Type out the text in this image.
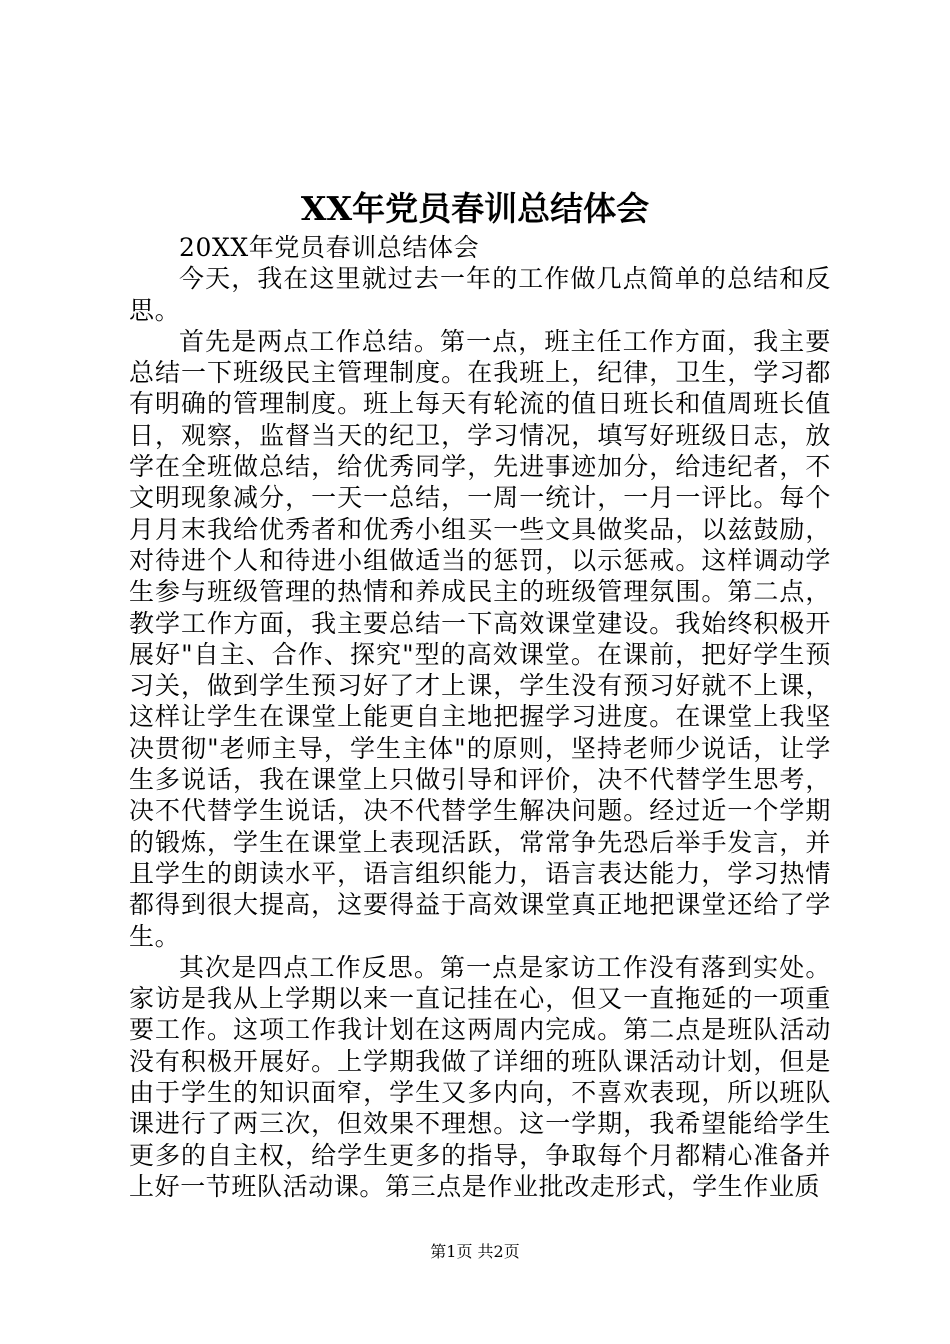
XX年党员春训总结体会

20XX年党员春训总结体会

今天，我在这里就过去一年的工作做几点简单的总结和反思。

首先是两点工作总结。第一点，班主任工作方面，我主要总结一下班级民主管理制度。在我班上，纪律，卫生，学习都有明确的管理制度。班上每天有轮流的值日班长和值周班长值日，观察，监督当天的纪卫，学习情况，填写好班级日志，放学在全班做总结，给优秀同学，先进事迹加分，给违纪者，不文明现象减分，一天一总结，一周一统计，一月一评比。每个月月末我给优秀者和优秀小组买一些文具做奖品，以兹鼓励，对待进个人和待进小组做适当的惩罚，以示惩戒。这样调动学生参与班级管理的热情和养成民主的班级管理氛围。第二点，教学工作方面，我主要总结一下高效课堂建设。我始终积极开展好"自主、合作、探究"型的高效课堂。在课前，把好学生预习关，做到学生预习好了才上课，学生没有预习好就不上课，这样让学生在课堂上能更自主地把握学习进度。在课堂上我坚决贯彻"老师主导，学生主体"的原则，坚持老师少说话，让学生多说话，我在课堂上只做引导和评价，决不代替学生思考，决不代替学生说话，决不代替学生解决问题。经过近一个学期的锻炼，学生在课堂上表现活跃，常常争先恐后举手发言，并且学生的朗读水平，语言组织能力，语言表达能力，学习热情都得到很大提高，这要得益于高效课堂真正地把课堂还给了学生。

其次是四点工作反思。第一点是家访工作没有落到实处。家访是我从上学期以来一直记挂在心，但又一直拖延的一项重要工作。这项工作我计划在这两周内完成。第二点是班队活动没有积极开展好。上学期我做了详细的班队课活动计划，但是由于学生的知识面窄，学生又多内向，不喜欢表现，所以班队课进行了两三次，但效果不理想。这一学期，我希望能给学生更多的自主权，给学生更多的指导，争取每个月都精心准备并上好一节班队活动课。第三点是作业批改走形式，学生作业质

第1页 共2页
